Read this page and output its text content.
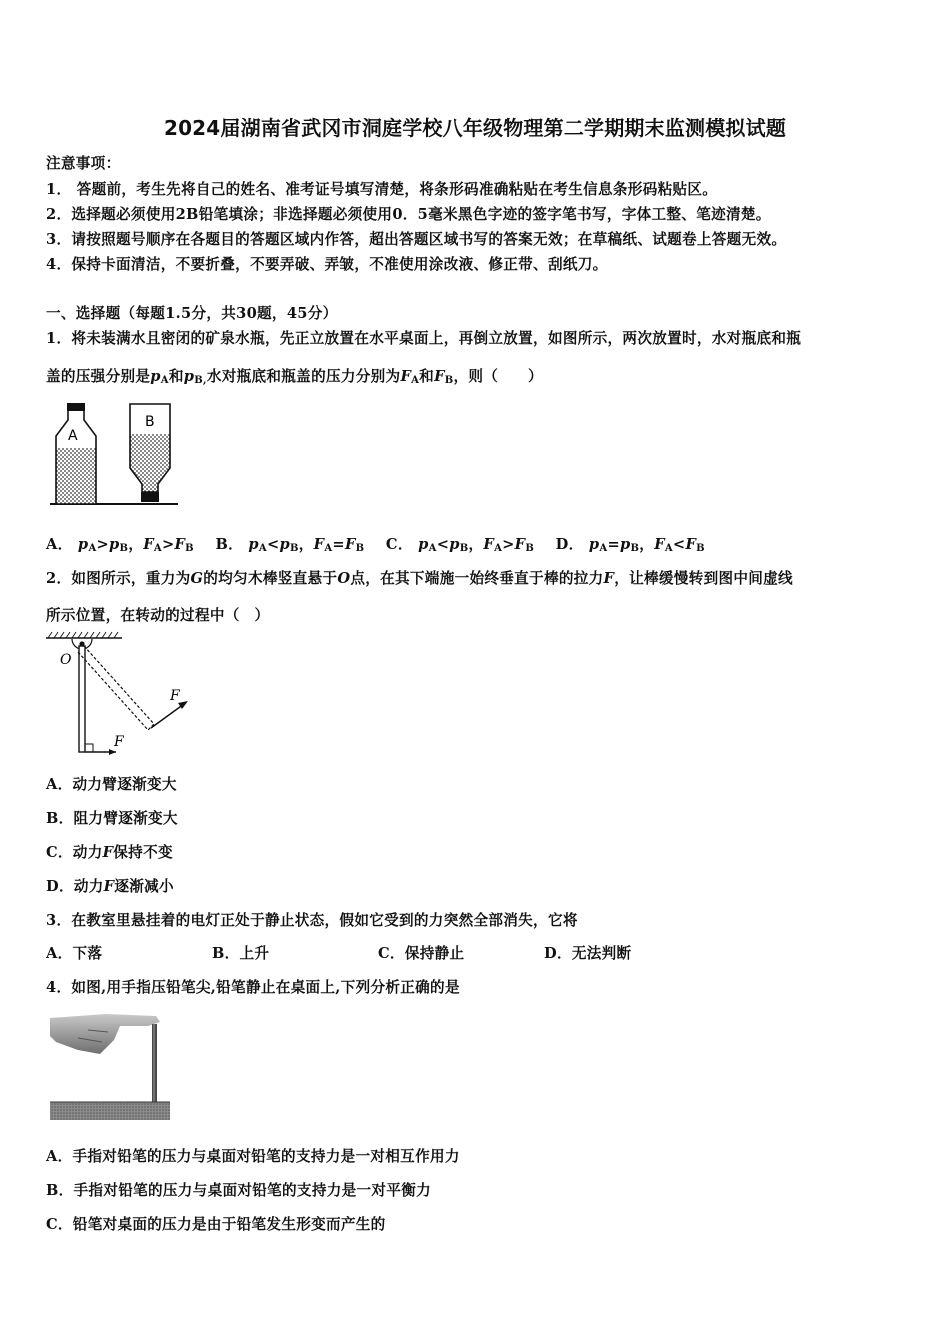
2024届湖南省武冈市洞庭学校八年级物理第二学期期末监测模拟试题
注意事项：
1． 答题前，考生先将自己的姓名、准考证号填写清楚，将条形码准确粘贴在考生信息条形码粘贴区。
2．选择题必须使用2B铅笔填涂；非选择题必须使用0．5毫米黑色字迹的签字笔书写，字体工整、笔迹清楚。
3．请按照题号顺序在各题目的答题区域内作答，超出答题区域书写的答案无效；在草稿纸、试题卷上答题无效。
4．保持卡面清洁，不要折叠，不要弄破、弄皱，不准使用涂改液、修正带、刮纸刀。
一、选择题（每题1.5分，共30题，45分）
1．将未装满水且密闭的矿泉水瓶，先正立放置在水平桌面上，再倒立放置，如图所示，两次放置时，水对瓶底和瓶
盖的压强分别是$p_A$和$p_{B,}$水对瓶底和瓶盖的压力分别为$F_A$和$F_B$，则（　　）
A
B
A． $p_A>p_B$，$F_A>F_B$ B． $p_A<p_B$，$F_A=F_B$ C． $p_A<p_B$，$F_A>F_B$ D． $p_A=p_B$，$F_A<F_B$
2．如图所示，重力为G的均匀木棒竖直悬于O点，在其下端施一始终垂直于棒的拉力F，让棒缓慢转到图中间虚线
所示位置，在转动的过程中（　）
O
F
F
A．动力臂逐渐变大
B．阻力臂逐渐变大
C．动力F保持不变
D．动力F逐渐减小
3．在教室里悬挂着的电灯正处于静止状态，假如它受到的力突然全部消失，它将
A．下落	B．上升	C．保持静止	D．无法判断
4．如图,用手指压铅笔尖,铅笔静止在桌面上,下列分析正确的是
A．手指对铅笔的压力与桌面对铅笔的支持力是一对相互作用力
B．手指对铅笔的压力与桌面对铅笔的支持力是一对平衡力
C．铅笔对桌面的压力是由于铅笔发生形变而产生的
